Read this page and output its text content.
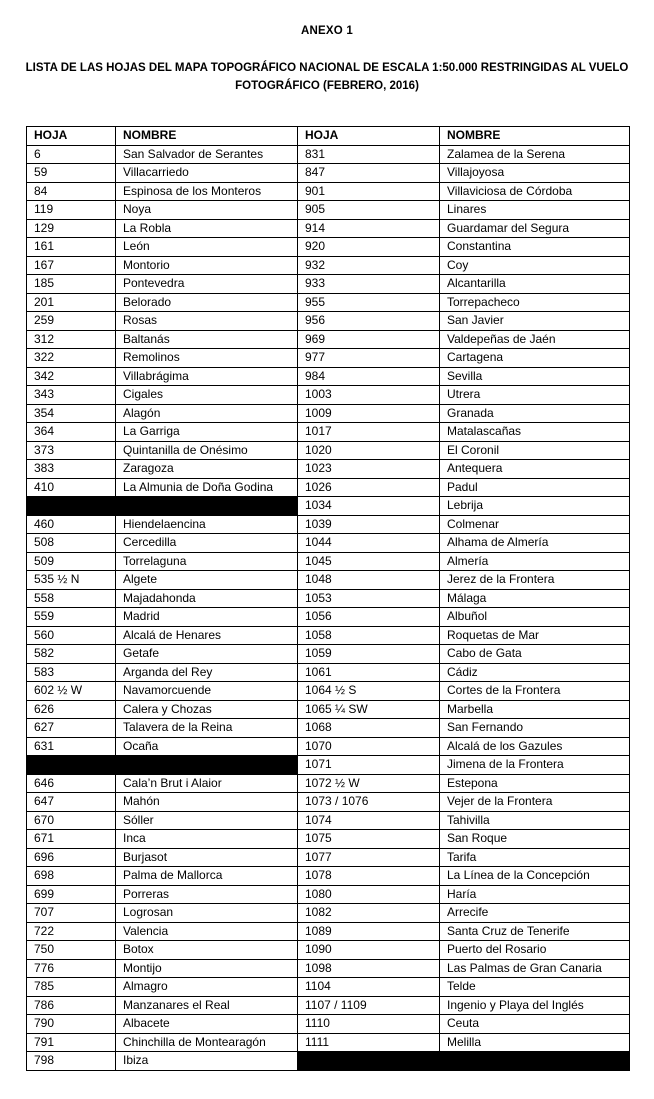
ANEXO 1
LISTA DE LAS HOJAS DEL MAPA TOPOGRÁFICO NACIONAL DE ESCALA 1:50.000 RESTRINGIDAS AL VUELO
FOTOGRÁFICO (FEBRERO, 2016)
HOJA	NOMBRE	HOJA	NOMBRE
6	San Salvador de Serantes	831	Zalamea de la Serena
59	Villacarriedo	847	Villajoyosa
84	Espinosa de los Monteros	901	Villaviciosa de Córdoba
119	Noya	905	Linares
129	La Robla	914	Guardamar del Segura
161	León	920	Constantina
167	Montorio	932	Coy
185	Pontevedra	933	Alcantarilla
201	Belorado	955	Torrepacheco
259	Rosas	956	San Javier
312	Baltanás	969	Valdepeñas de Jaén
322	Remolinos	977	Cartagena
342	Villabrágima	984	Sevilla
343	Cigales	1003	Utrera
354	Alagón	1009	Granada
364	La Garriga	1017	Matalascañas
373	Quintanilla de Onésimo	1020	El Coronil
383	Zaragoza	1023	Antequera
410	La Almunia de Doña Godina	1026	Padul
		1034	Lebrija
460	Hiendelaencina	1039	Colmenar
508	Cercedilla	1044	Alhama de Almería
509	Torrelaguna	1045	Almería
535 ½ N	Algete	1048	Jerez de la Frontera
558	Majadahonda	1053	Málaga
559	Madrid	1056	Albuñol
560	Alcalá de Henares	1058	Roquetas de Mar
582	Getafe	1059	Cabo de Gata
583	Arganda del Rey	1061	Cádiz
602 ½ W	Navamorcuende	1064 ½ S	Cortes de la Frontera
626	Calera y Chozas	1065 ¼ SW	Marbella
627	Talavera de la Reina	1068	San Fernando
631	Ocaña	1070	Alcalá de los Gazules
		1071	Jimena de la Frontera
646	Cala’n Brut i Alaior	1072 ½ W	Estepona
647	Mahón	1073 / 1076	Vejer de la Frontera
670	Sóller	1074	Tahivilla
671	Inca	1075	San Roque
696	Burjasot	1077	Tarifa
698	Palma de Mallorca	1078	La Línea de la Concepción
699	Porreras	1080	Haría
707	Logrosan	1082	Arrecife
722	Valencia	1089	Santa Cruz de Tenerife
750	Botox	1090	Puerto del Rosario
776	Montijo	1098	Las Palmas de Gran Canaria
785	Almagro	1104	Telde
786	Manzanares el Real	1107 / 1109	Ingenio y Playa del Inglés
790	Albacete	1110	Ceuta
791	Chinchilla de Montearagón	1111	Melilla
798	Ibiza		
